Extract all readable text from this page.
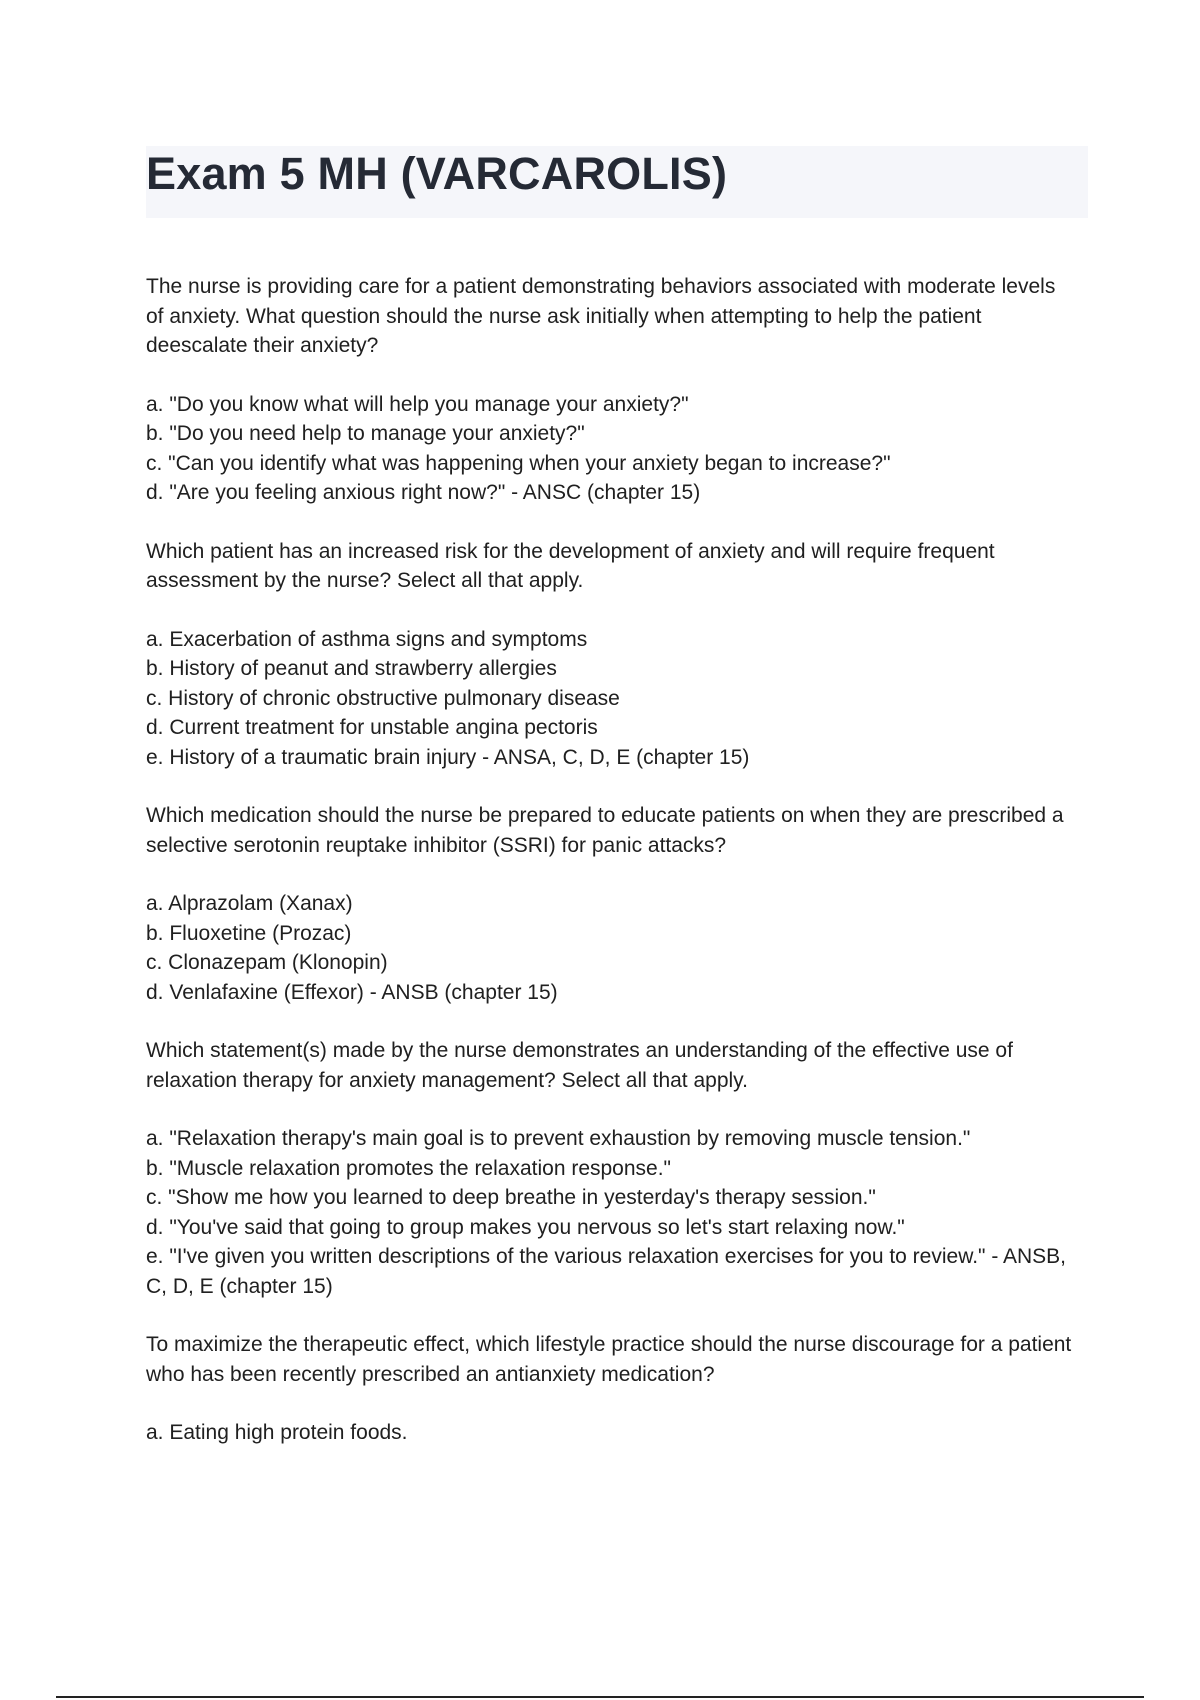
Exam 5 MH (VARCAROLIS)

The nurse is providing care for a patient demonstrating behaviors associated with moderate levels of anxiety. What question should the nurse ask initially when attempting to help the patient deescalate their anxiety?

a. "Do you know what will help you manage your anxiety?"
b. "Do you need help to manage your anxiety?"
c. "Can you identify what was happening when your anxiety began to increase?"
d. "Are you feeling anxious right now?" - ANSC (chapter 15)

Which patient has an increased risk for the development of anxiety and will require frequent assessment by the nurse? Select all that apply.

a. Exacerbation of asthma signs and symptoms
b. History of peanut and strawberry allergies
c. History of chronic obstructive pulmonary disease
d. Current treatment for unstable angina pectoris
e. History of a traumatic brain injury - ANSA, C, D, E (chapter 15)

Which medication should the nurse be prepared to educate patients on when they are prescribed a selective serotonin reuptake inhibitor (SSRI) for panic attacks?

a. Alprazolam (Xanax)
b. Fluoxetine (Prozac)
c. Clonazepam (Klonopin)
d. Venlafaxine (Effexor) - ANSB (chapter 15)

Which statement(s) made by the nurse demonstrates an understanding of the effective use of relaxation therapy for anxiety management? Select all that apply.

a. "Relaxation therapy's main goal is to prevent exhaustion by removing muscle tension."
b. "Muscle relaxation promotes the relaxation response."
c. "Show me how you learned to deep breathe in yesterday's therapy session."
d. "You've said that going to group makes you nervous so let's start relaxing now."
e. "I've given you written descriptions of the various relaxation exercises for you to review." - ANSB, C, D, E (chapter 15)

To maximize the therapeutic effect, which lifestyle practice should the nurse discourage for a patient who has been recently prescribed an antianxiety medication?

a. Eating high protein foods.
